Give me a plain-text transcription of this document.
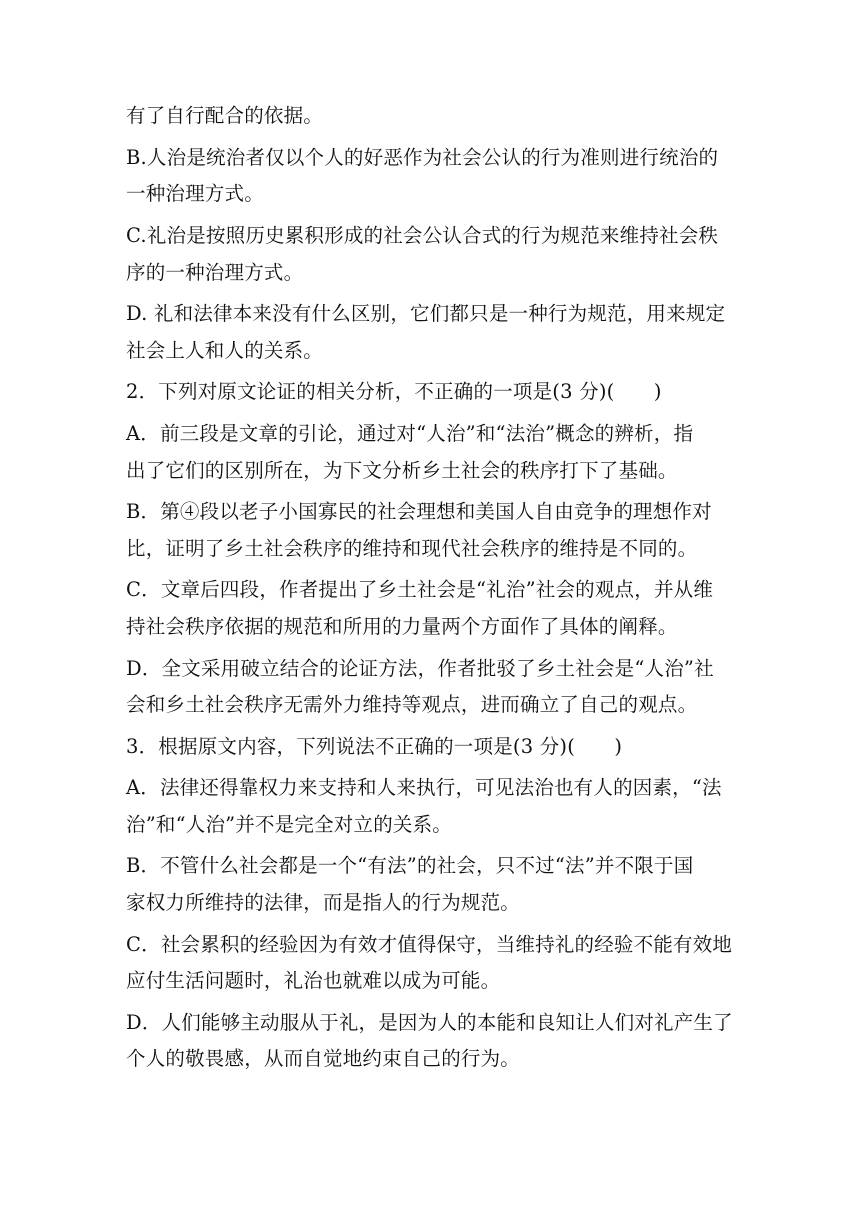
有了自行配合的依据。
B.人治是统治者仅以个人的好恶作为社会公认的行为准则进行统治的
一种治理方式。
C.礼治是按照历史累积形成的社会公认合式的行为规范来维持社会秩
序的一种治理方式。
D. 礼和法律本来没有什么区别，它们都只是一种行为规范，用来规定
社会上人和人的关系。
2．下列对原文论证的相关分析，不正确的一项是(3 分)(　　)
A．前三段是文章的引论，通过对“人治”和“法治”概念的辨析，指
出了它们的区别所在，为下文分析乡土社会的秩序打下了基础。
B．第④段以老子小国寡民的社会理想和美国人自由竞争的理想作对
比，证明了乡土社会秩序的维持和现代社会秩序的维持是不同的。
C．文章后四段，作者提出了乡土社会是“礼治”社会的观点，并从维
持社会秩序依据的规范和所用的力量两个方面作了具体的阐释。
D．全文采用破立结合的论证方法，作者批驳了乡土社会是“人治”社
会和乡土社会秩序无需外力维持等观点，进而确立了自己的观点。
3．根据原文内容，下列说法不正确的一项是(3 分)(　　)
A．法律还得靠权力来支持和人来执行，可见法治也有人的因素，“法
治”和“人治”并不是完全对立的关系。
B．不管什么社会都是一个“有法”的社会，只不过“法”并不限于国
家权力所维持的法律，而是指人的行为规范。
C．社会累积的经验因为有效才值得保守，当维持礼的经验不能有效地
应付生活问题时，礼治也就难以成为可能。
D．人们能够主动服从于礼，是因为人的本能和良知让人们对礼产生了
个人的敬畏感，从而自觉地约束自己的行为。
